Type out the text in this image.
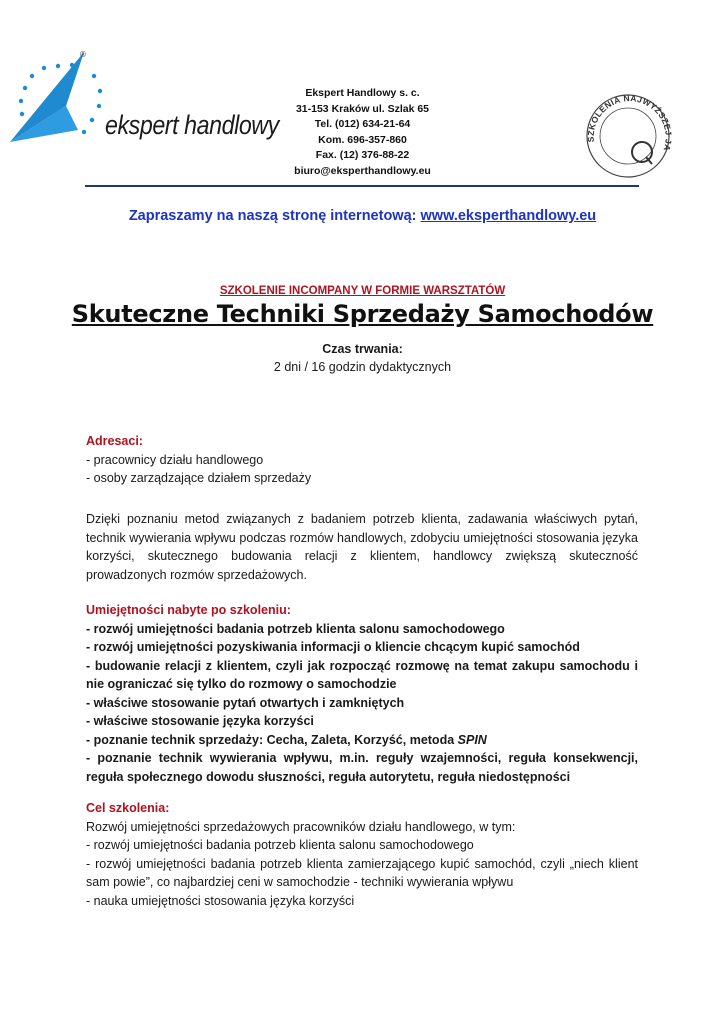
®
ekspert handlowy
Ekspert Handlowy s. c.
31-153 Kraków ul. Szlak 65
Tel. (012) 634-21-64
Kom. 696-357-860
Fax. (12) 376-88-22
biuro@eksperthandlowy.eu
SZKOLENIA NAJWYŻSZE A
Zapraszamy na naszą stronę internetową: www.eksperthandlowy.eu
SZKOLENIE INCOMPANY W FORMIE WARSZTATÓW
Skuteczne Techniki Sprzedaży Samochodów
Czas trwania:
2 dni / 16 godzin dydaktycznych
Adresaci:
- pracownicy działu handlowego
- osoby zarządzające działem sprzedaży
Dzięki poznaniu metod związanych z badaniem potrzeb klienta, zadawania właściwych pytań, technik wywierania wpływu podczas rozmów handlowych, zdobyciu umiejętności stosowania języka korzyści, skutecznego budowania relacji z klientem, handlowcy zwiększą skuteczność prowadzonych rozmów sprzedażowych.
Umiejętności nabyte po szkoleniu:
- rozwój umiejętności badania potrzeb klienta salonu samochodowego
- rozwój umiejętności pozyskiwania informacji o kliencie chcącym kupić samochód
- budowanie relacji z klientem, czyli jak rozpocząć rozmowę na temat zakupu samochodu i nie ograniczać się tylko do rozmowy o samochodzie
- właściwe stosowanie pytań otwartych i zamkniętych
- właściwe stosowanie języka korzyści
- poznanie technik sprzedaży: Cecha, Zaleta, Korzyść, metoda SPIN
- poznanie technik wywierania wpływu, m.in. reguły wzajemności, reguła konsekwencji, reguła społecznego dowodu słuszności, reguła autorytetu, reguła niedostępności
Cel szkolenia:
Rozwój umiejętności sprzedażowych pracowników działu handlowego, w tym:
- rozwój umiejętności badania potrzeb klienta salonu samochodowego
- rozwój umiejętności badania potrzeb klienta zamierzającego kupić samochód, czyli „niech klient sam powie”, co najbardziej ceni w samochodzie - techniki wywierania wpływu
- nauka umiejętności stosowania języka korzyści
